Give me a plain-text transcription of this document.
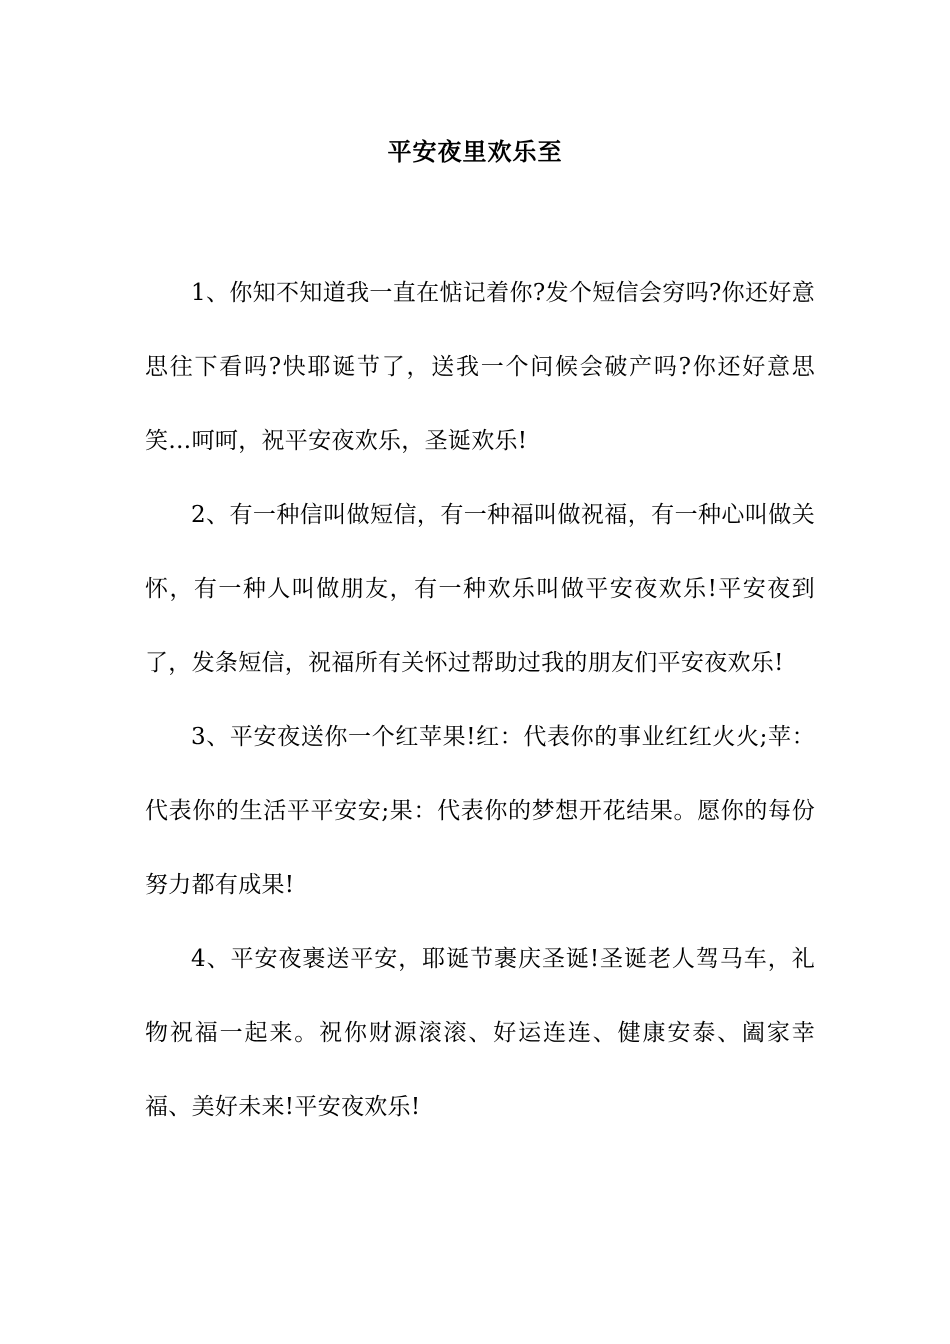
平安夜里欢乐至

1、你知不知道我一直在惦记着你?发个短信会穷吗?你还好意思往下看吗?快耶诞节了，送我一个问候会破产吗?你还好意思笑…呵呵，祝平安夜欢乐，圣诞欢乐!

2、有一种信叫做短信，有一种福叫做祝福，有一种心叫做关怀，有一种人叫做朋友，有一种欢乐叫做平安夜欢乐!平安夜到了，发条短信，祝福所有关怀过帮助过我的朋友们平安夜欢乐!

3、平安夜送你一个红苹果!红：代表你的事业红红火火;苹：代表你的生活平平安安;果：代表你的梦想开花结果。愿你的每份努力都有成果!

4、平安夜裹送平安，耶诞节裹庆圣诞!圣诞老人驾马车，礼物祝福一起来。祝你财源滚滚、好运连连、健康安泰、阖家幸福、美好未来!平安夜欢乐!
